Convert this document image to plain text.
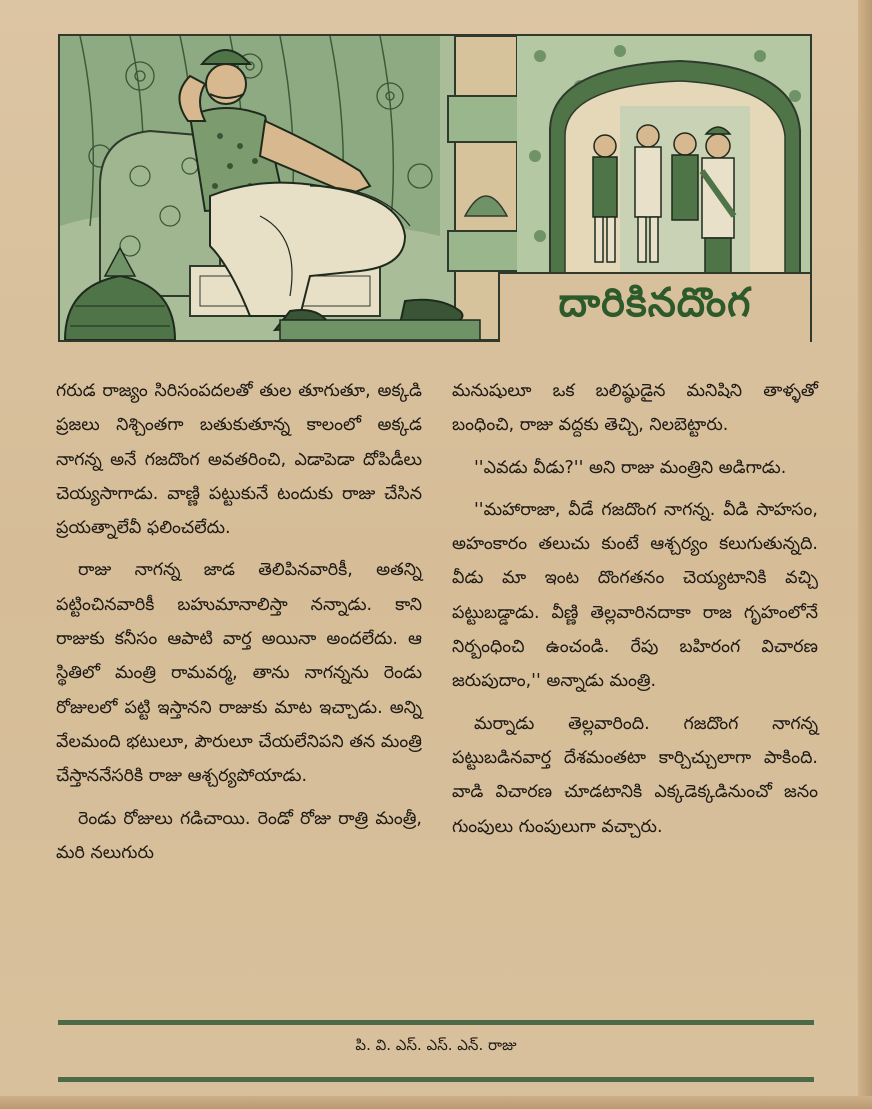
దారికినదొంగ

గరుడ రాజ్యం సిరిసంపదలతో తుల తూగుతూ, అక్కడి ప్రజలు నిశ్చింతగా బతుకుతూన్న కాలంలో అక్కడ నాగన్న అనే గజదొంగ అవతరించి, ఎడాపెడా దోపిడీలు చెయ్యసాగాడు. వాణ్ణి పట్టుకునే టందుకు రాజు చేసిన ప్రయత్నాలేవీ ఫలించలేదు.

రాజు నాగన్న జాడ తెలిపినవారికీ, అతన్ని పట్టించినవారికీ బహుమానాలిస్తా నన్నాడు. కాని రాజుకు కనీసం ఆపాటి వార్త అయినా అందలేదు. ఆ స్థితిలో మంత్రి రామవర్మ, తాను నాగన్నను రెండు రోజులలో పట్టి ఇస్తానని రాజుకు మాట ఇచ్చాడు. అన్ని వేలమంది భటులూ, పౌరులూ చేయలేనిపని తన మంత్రి చేస్తాననేసరికి రాజు ఆశ్చర్యపోయాడు.

రెండు రోజులు గడిచాయి. రెండో రోజు రాత్రి మంత్రీ, మరి నలుగురు

మనుషులూ ఒక బలిష్ఠుడైన మనిషిని తాళ్ళతో బంధించి, రాజు వద్దకు తెచ్చి, నిలబెట్టారు.

''ఎవడు వీడు?'' అని రాజు మంత్రిని అడిగాడు.

''మహారాజా, వీడే గజదొంగ నాగన్న. వీడి సాహసం, అహంకారం తలుచు కుంటే ఆశ్చర్యం కలుగుతున్నది. వీడు మా ఇంట దొంగతనం చెయ్యటానికి వచ్చి పట్టుబడ్డాడు. వీణ్ణి తెల్లవారినదాకా రాజ గృహంలోనే నిర్బంధించి ఉంచండి. రేపు బహిరంగ విచారణ జరుపుదాం,'' అన్నాడు మంత్రి.

మర్నాడు తెల్లవారింది. గజదొంగ నాగన్న పట్టుబడినవార్త దేశమంతటా కార్చిచ్చులాగా పాకింది. వాడి విచారణ చూడటానికి ఎక్కడెక్కడినుంచో జనం గుంపులు గుంపులుగా వచ్చారు.

పి. వి. ఎస్. ఎస్. ఎన్. రాజు
